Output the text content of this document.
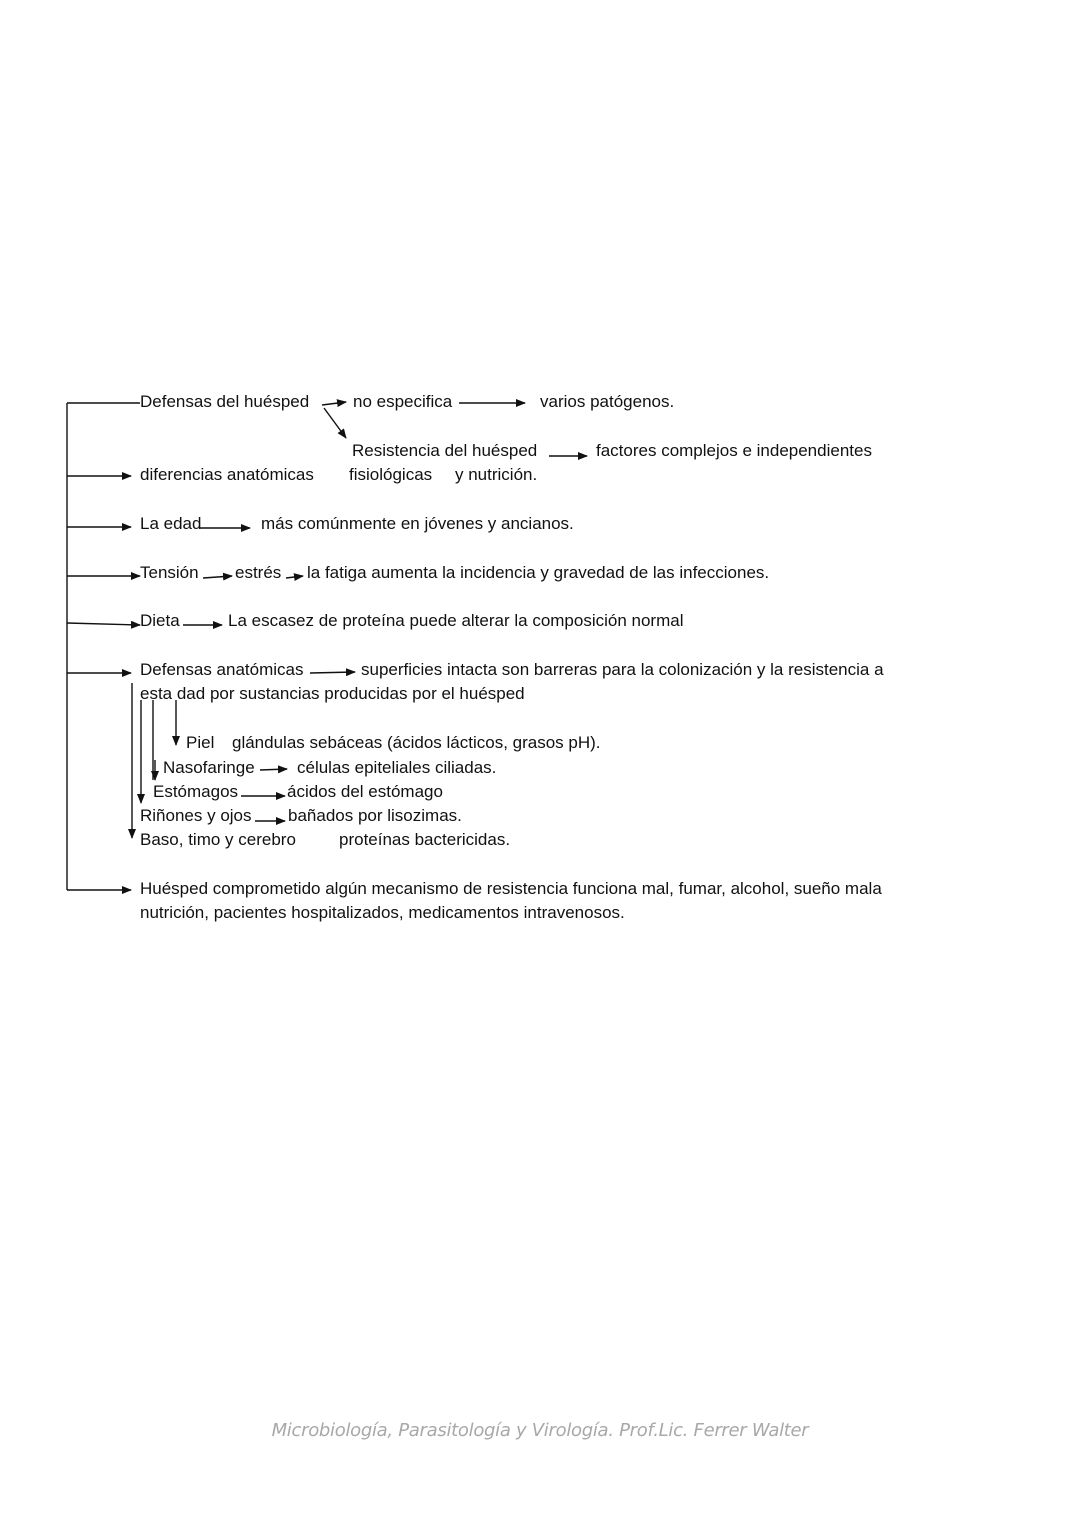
Defensas del huésped	no especifica	varios patógenos.
Resistencia del huésped	factores complejos e independientes
diferencias anatómicas fisiológicas y nutrición.
La edad	más comúnmente en jóvenes y ancianos.
Tensión estrés la fatiga aumenta la incidencia y gravedad de las infecciones.
Dieta	La escasez de proteína puede alterar la composición normal
Defensas anatómicas	superficies intacta son barreras para la colonización y la resistencia a
esta dad por sustancias producidas por el huésped
Piel glándulas sebáceas (ácidos lácticos, grasos pH).
Nasofaringe células epiteliales ciliadas.
Estómagos	ácidos del estómago
Riñones y ojos bañados por lisozimas.
Baso, timo y cerebro	proteínas bactericidas.
Huésped comprometido algún mecanismo de resistencia funciona mal, fumar, alcohol, sueño mala
nutrición, pacientes hospitalizados, medicamentos intravenosos.
Microbiología, Parasitología y Virología. Prof.Lic. Ferrer Walter
